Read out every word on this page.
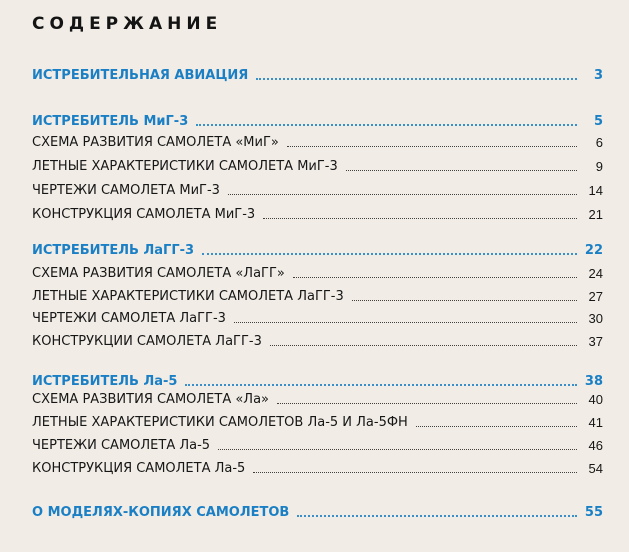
СОДЕРЖАНИЕ
ИСТРЕБИТЕЛЬНАЯ АВИАЦИЯ	3
ИСТРЕБИТЕЛЬ МиГ-3	5
СХЕМА РАЗВИТИЯ САМОЛЕТА «МиГ»	6
ЛЕТНЫЕ ХАРАКТЕРИСТИКИ САМОЛЕТА МиГ-3	9
ЧЕРТЕЖИ САМОЛЕТА МиГ-3	14
КОНСТРУКЦИЯ САМОЛЕТА МиГ-3	21
ИСТРЕБИТЕЛЬ ЛаГГ-3	22
СХЕМА РАЗВИТИЯ САМОЛЕТА «ЛаГГ»	24
ЛЕТНЫЕ ХАРАКТЕРИСТИКИ САМОЛЕТА ЛаГГ-3	27
ЧЕРТЕЖИ САМОЛЕТА ЛаГГ-3	30
КОНСТРУКЦИИ САМОЛЕТА ЛаГГ-3	37
ИСТРЕБИТЕЛЬ Ла-5	38
СХЕМА РАЗВИТИЯ САМОЛЕТА «Ла»	40
ЛЕТНЫЕ ХАРАКТЕРИСТИКИ САМОЛЕТОВ Ла-5 И Ла-5ФН	41
ЧЕРТЕЖИ САМОЛЕТА Ла-5	46
КОНСТРУКЦИЯ САМОЛЕТА Ла-5	54
О МОДЕЛЯХ-КОПИЯХ САМОЛЕТОВ	55
